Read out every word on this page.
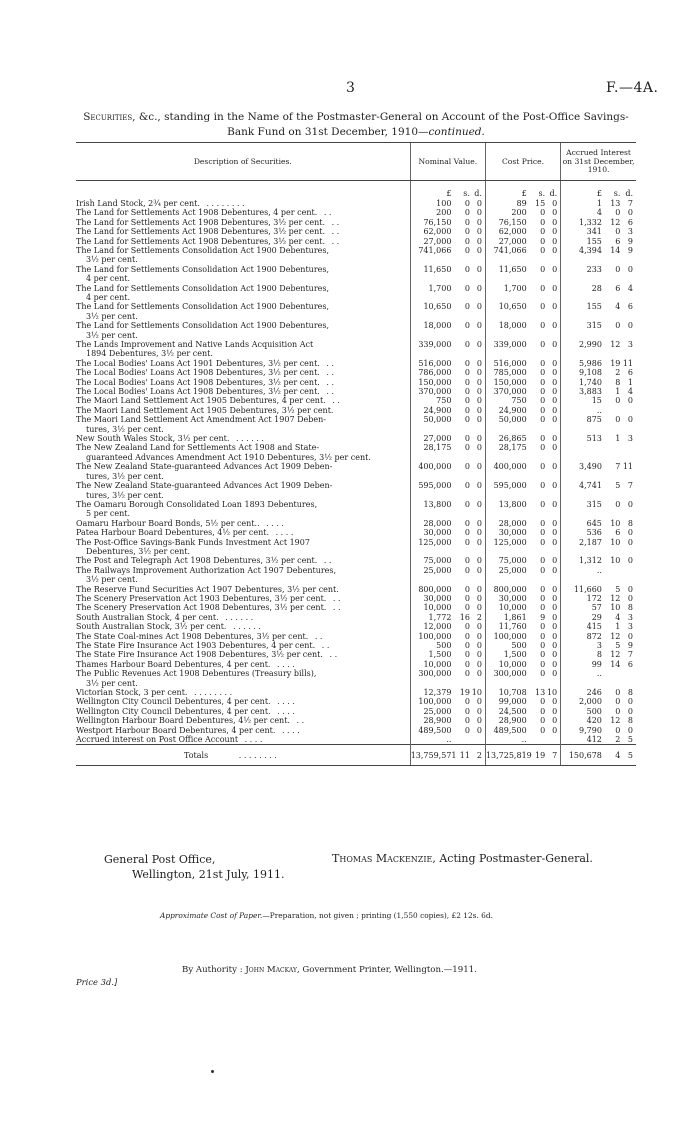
3	F.—4A.
Securities, &c., standing in the Name of the Postmaster-General on Account of the Post-Office Savings-Bank Fund on 31st December, 1910—continued.
Description of Securities.	Nominal Value.			Cost Price.			Accrued Interest on 31st December, 1910.		
	£	s.	d.	£	s.	d.	£	s.	d.
Irish Land Stock, 2¾ per cent. . . . . . . . .	100	0	0	89	15	0	1	13	7
The Land for Settlements Act 1908 Debentures, 4 per cent. . .	200	0	0	200	0	0	4	0	0
The Land for Settlements Act 1908 Debentures, 3½ per cent. . .	76,150	0	0	76,150	0	0	1,332	12	6
The Land for Settlements Act 1908 Debentures, 3½ per cent. . .	62,000	0	0	62,000	0	0	341	0	3
The Land for Settlements Act 1908 Debentures, 3½ per cent. . .	27,000	0	0	27,000	0	0	155	6	9
The Land for Settlements Consolidation Act 1900 Debentures,
3½ per cent.	741,066	0	0	741,066	0	0	4,394	14	9
The Land for Settlements Consolidation Act 1900 Debentures,
4 per cent.	11,650	0	0	11,650	0	0	233	0	0
The Land for Settlements Consolidation Act 1900 Debentures,
4 per cent.	1,700	0	0	1,700	0	0	28	6	4
The Land for Settlements Consolidation Act 1900 Debentures,
3½ per cent.	10,650	0	0	10,650	0	0	155	4	6
The Land for Settlements Consolidation Act 1900 Debentures,
3½ per cent.	18,000	0	0	18,000	0	0	315	0	0
The Lands Improvement and Native Lands Acquisition Act
1894 Debentures, 3½ per cent.	339,000	0	0	339,000	0	0	2,990	12	3
The Local Bodies' Loans Act 1901 Debentures, 3½ per cent. . .	516,000	0	0	516,000	0	0	5,986	19	11
The Local Bodies' Loans Act 1908 Debentures, 3½ per cent. . .	786,000	0	0	785,000	0	0	9,108	2	6
The Local Bodies' Loans Act 1908 Debentures, 3½ per cent. . .	150,000	0	0	150,000	0	0	1,740	8	1
The Local Bodies' Loans Act 1908 Debentures, 3½ per cent. . .	370,000	0	0	370,000	0	0	3,883	1	4
The Maori Land Settlement Act 1905 Debentures, 4 per cent. . .	750	0	0	750	0	0	15	0	0
The Maori Land Settlement Act 1905 Debentures, 3½ per cent.	24,900	0	0	24,900	0	0	..		
The Maori Land Settlement Act Amendment Act 1907 Deben-
tures, 3½ per cent.	50,000	0	0	50,000	0	0	875	0	0
New South Wales Stock, 3½ per cent. . . . . . .	27,000	0	0	26,865	0	0	513	1	3
The New Zealand Land for Settlements Act 1908 and State-
guaranteed Advances Amendment Act 1910 Debentures, 3½ per cent.	28,175	0	0	28,175	0	0			
The New Zealand State-guaranteed Advances Act 1909 Deben-
tures, 3½ per cent.	400,000	0	0	400,000	0	0	3,490	7	11
The New Zealand State-guaranteed Advances Act 1909 Deben-
tures, 3½ per cent.	595,000	0	0	595,000	0	0	4,741	5	7
The Oamaru Borough Consolidated Loan 1893 Debentures,
5 per cent.	13,800	0	0	13,800	0	0	315	0	0
Oamaru Harbour Board Bonds, 5½ per cent.. . . . .	28,000	0	0	28,000	0	0	645	10	8
Patea Harbour Board Debentures, 4½ per cent. . . . .	30,000	0	0	30,000	0	0	536	6	0
The Post-Office Savings-Bank Funds Investment Act 1907
Debentures, 3½ per cent.	125,000	0	0	125,000	0	0	2,187	10	0
The Post and Telegraph Act 1908 Debentures, 3½ per cent. . .	75,000	0	0	75,000	0	0	1,312	10	0
The Railways Improvement Authorization Act 1907 Debentures,
3½ per cent.	25,000	0	0	25,000	0	0	..		
The Reserve Fund Securities Act 1907 Debentures, 3½ per cent.	800,000	0	0	800,000	0	0	11,660	5	0
The Scenery Preservation Act 1903 Debentures, 3½ per cent. . .	30,000	0	0	30,000	0	0	172	12	0
The Scenery Preservation Act 1908 Debentures, 3½ per cent. . .	10,000	0	0	10,000	0	0	57	10	8
South Australian Stock, 4 per cent. . . . . . .	1,772	16	2	1,861	9	0	29	4	3
South Australian Stock, 3½ per cent. . . . . . .	12,000	0	0	11,760	0	0	415	1	3
The State Coal-mines Act 1908 Debentures, 3½ per cent. . .	100,000	0	0	100,000	0	0	872	12	0
The State Fire Insurance Act 1903 Debentures, 4 per cent. . .	500	0	0	500	0	0	3	5	9
The State Fire Insurance Act 1908 Debentures, 3½ per cent. . .	1,500	0	0	1,500	0	0	8	12	7
Thames Harbour Board Debentures, 4 per cent. . . . .	10,000	0	0	10,000	0	0	99	14	6
The Public Revenues Act 1908 Debentures (Treasury bills),
3½ per cent.	300,000	0	0	300,000	0	0	..		
Victorian Stock, 3 per cent. . . . . . . . .	12,379	19	10	10,708	13	10	246	0	8
Wellington City Council Debentures, 4 per cent. . . . .	100,000	0	0	99,000	0	0	2,000	0	0
Wellington City Council Debentures, 4 per cent. . . . .	25,000	0	0	24,500	0	0	500	0	0
Wellington Harbour Board Debentures, 4½ per cent. . .	28,900	0	0	28,900	0	0	420	12	8
Westport Harbour Board Debentures, 4 per cent. . . . .	489,500	0	0	489,500	0	0	9,790	0	0
Accrued interest on Post Office Account . . . .	..			..			412	2	5
Totals . . . . . . . .	13,759,571	11	2	13,725,819	19	7	150,678	4	5
General Post Office,
Wellington, 21st July, 1911.
Thomas Mackenzie, Acting Postmaster-General.
Approximate Cost of Paper.—Preparation, not given ; printing (1,550 copies), £2 12s. 6d.
Price 3d.]
By Authority : John Mackay, Government Printer, Wellington.—1911.
